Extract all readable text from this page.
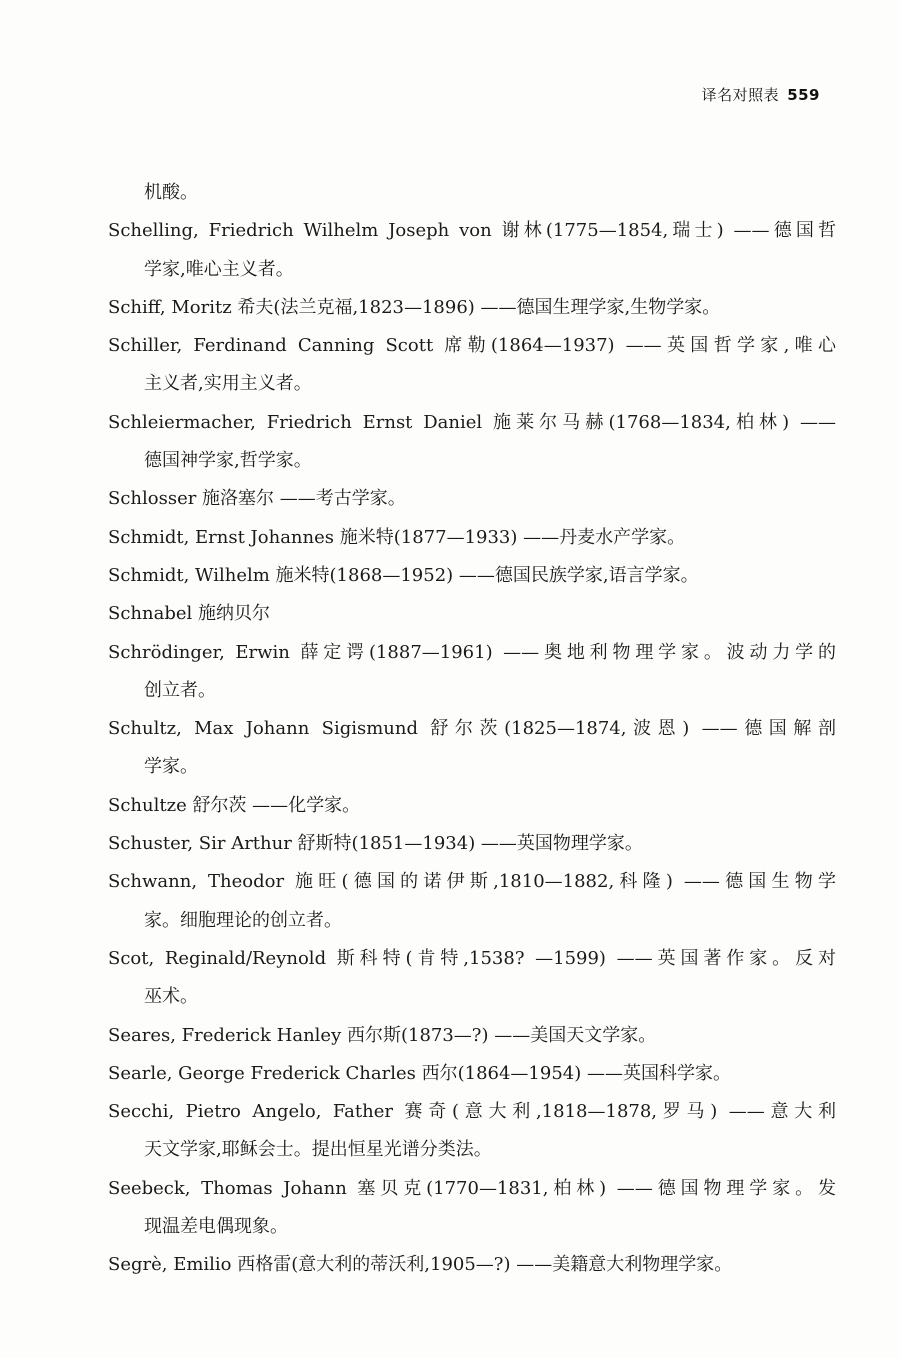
译名对照表 559
机酸。
Schelling, Friedrich Wilhelm Joseph von 谢林(1775—1854,瑞士) ——德国哲
学家,唯心主义者。
Schiff, Moritz 希夫(法兰克福,1823—1896) ——德国生理学家,生物学家。
Schiller, Ferdinand Canning Scott 席勒(1864—1937) ——英国哲学家,唯心
主义者,实用主义者。
Schleiermacher, Friedrich Ernst Daniel 施莱尔马赫(1768—1834,柏林) ——
德国神学家,哲学家。
Schlosser 施洛塞尔 ——考古学家。
Schmidt, Ernst Johannes 施米特(1877—1933) ——丹麦水产学家。
Schmidt, Wilhelm 施米特(1868—1952) ——德国民族学家,语言学家。
Schnabel 施纳贝尔
Schrödinger, Erwin 薛定谔(1887—1961) ——奥地利物理学家。波动力学的
创立者。
Schultz, Max Johann Sigismund 舒尔茨(1825—1874,波恩) ——德国解剖
学家。
Schultze 舒尔茨 ——化学家。
Schuster, Sir Arthur 舒斯特(1851—1934) ——英国物理学家。
Schwann, Theodor 施旺(德国的诺伊斯,1810—1882,科隆) ——德国生物学
家。细胞理论的创立者。
Scot, Reginald/Reynold 斯科特(肯特,1538? —1599) ——英国著作家。反对
巫术。
Seares, Frederick Hanley 西尔斯(1873—?) ——美国天文学家。
Searle, George Frederick Charles 西尔(1864—1954) ——英国科学家。
Secchi, Pietro Angelo, Father 赛奇(意大利,1818—1878,罗马) ——意大利
天文学家,耶稣会士。提出恒星光谱分类法。
Seebeck, Thomas Johann 塞贝克(1770—1831,柏林) ——德国物理学家。发
现温差电偶现象。
Segrè, Emilio 西格雷(意大利的蒂沃利,1905—?) ——美籍意大利物理学家。
